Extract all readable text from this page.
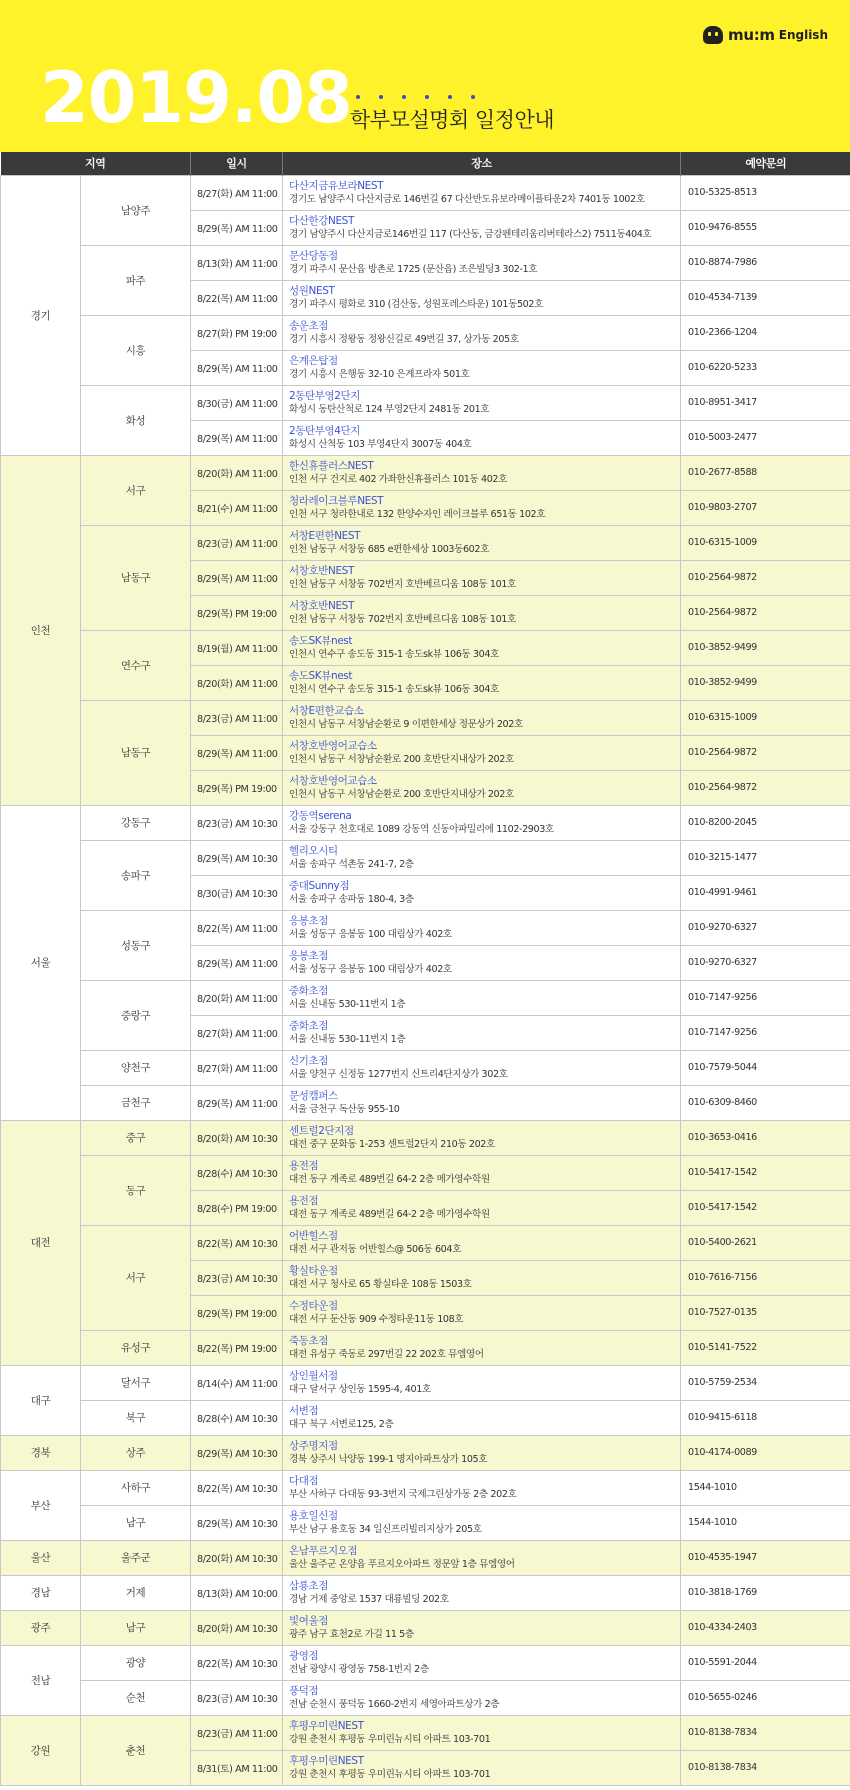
mu:m English
2019.08
학부모설명회 일정안내
지역		일시	장소	예약문의
경기	남양주	8/27(화) AM 11:00	다산지금유보라NEST
경기도 남양주시 다산지금로 146번길 67 다산반도유보라메이플타운2차 7401동 1002호	010-5325-8513
		8/29(목) AM 11:00	다산한강NEST
경기 남양주시 다산지금로146번길 117 (다산동, 금강펜테리움리버테라스2) 7511동404호	010-9476-8555
	파주	8/13(화) AM 11:00	문산당동점
경기 파주시 문산읍 방촌로 1725 (문산읍) 조은빌딩3 302-1호	010-8874-7986
		8/22(목) AM 11:00	성원NEST
경기 파주시 평화로 310 (검산동, 성원포레스타운) 101동502호	010-4534-7139
	시흥	8/27(화) PM 19:00	송운초점
경기 시흥시 정왕동 정왕신길로 49번길 37, 상가동 205호	010-2366-1204
		8/29(목) AM 11:00	은계은탑점
경기 시흥시 은행동 32-10 은계프라자 501호	010-6220-5233
	화성	8/30(금) AM 11:00	2동탄부영2단지
화성시 동탄산척로 124 부영2단지 2481동 201호	010-8951-3417
		8/29(목) AM 11:00	2동탄부영4단지
화성시 산척동 103 부영4단지 3007동 404호	010-5003-2477
인천	서구	8/20(화) AM 11:00	한신휴플러스NEST
인천 서구 건지로 402 가좌한신휴플러스 101동 402호	010-2677-8588
		8/21(수) AM 11:00	청라레이크블루NEST
인천 서구 청라한내로 132 한양수자인 레이크블루 651동 102호	010-9803-2707
	남동구	8/23(금) AM 11:00	서창E편한NEST
인천 남동구 서창동 685 e편한세상 1003동602호	010-6315-1009
		8/29(목) AM 11:00	서창호반NEST
인천 남동구 서창동 702번지 호반베르디움 108동 101호	010-2564-9872
		8/29(목) PM 19:00	서창호반NEST
인천 남동구 서창동 702번지 호반베르디움 108동 101호	010-2564-9872
	연수구	8/19(월) AM 11:00	송도SK뷰nest
인천시 연수구 송도동 315-1 송도sk뷰 106동 304호	010-3852-9499
		8/20(화) AM 11:00	송도SK뷰nest
인천시 연수구 송도동 315-1 송도sk뷰 106동 304호	010-3852-9499
	남동구	8/23(금) AM 11:00	서창E편한교습소
인천시 남동구 서창남순환로 9 이편한세상 정문상가 202호	010-6315-1009
		8/29(목) AM 11:00	서창호반영어교습소
인천시 남동구 서창남순환로 200 호반단지내상가 202호	010-2564-9872
		8/29(목) PM 19:00	서창호반영어교습소
인천시 남동구 서창남순환로 200 호반단지내상가 202호	010-2564-9872
서울	강동구	8/23(금) AM 10:30	강동역serena
서울 강동구 천호대로 1089 강동역 신동아파밀리에 1102-2903호	010-8200-2045
	송파구	8/29(목) AM 10:30	헬리오시티
서울 송파구 석촌동 241-7, 2층	010-3215-1477
		8/30(금) AM 10:30	중대Sunny점
서울 송파구 송파동 180-4, 3층	010-4991-9461
	성동구	8/22(목) AM 11:00	응봉초점
서울 성동구 응봉동 100 대림상가 402호	010-9270-6327
		8/29(목) AM 11:00	응봉초점
서울 성동구 응봉동 100 대림상가 402호	010-9270-6327
	중랑구	8/20(화) AM 11:00	중화초점
서울 신내동 530-11번지 1층	010-7147-9256
		8/27(화) AM 11:00	중화초점
서울 신내동 530-11번지 1층	010-7147-9256
	양천구	8/27(화) AM 11:00	신기초점
서울 양천구 신정동 1277번지 신트리4단지상가 302호	010-7579-5044
	금천구	8/29(목) AM 11:00	문성캠퍼스
서울 금천구 독산동 955-10	010-6309-8460
대전	중구	8/20(화) AM 10:30	센트럴2단지점
대전 중구 문화동 1-253 센트럴2단지 210동 202호	010-3653-0416
	동구	8/28(수) AM 10:30	용전점
대전 동구 계족로 489번길 64-2 2층 메가영수학원	010-5417-1542
		8/28(수) PM 19:00	용전점
대전 동구 계족로 489번길 64-2 2층 메가영수학원	010-5417-1542
	서구	8/22(목) AM 10:30	어반힐스점
대전 서구 관저동 어반힐스@ 506동 604호	010-5400-2621
		8/23(금) AM 10:30	황실타운점
대전 서구 청사로 65 황실타운 108동 1503호	010-7616-7156
		8/29(목) PM 19:00	수정타운점
대전 서구 둔산동 909 수정타운11동 108호	010-7527-0135
	유성구	8/22(목) PM 19:00	죽동초점
대전 유성구 죽동로 297번길 22 202호 뮤엠영어	010-5141-7522
대구	달서구	8/14(수) AM 11:00	상인월서점
대구 달서구 상인동 1595-4, 401호	010-5759-2534
	북구	8/28(수) AM 10:30	서변점
대구 북구 서변로125, 2층	010-9415-6118
경북	상주	8/29(목) AM 10:30	상주명지점
경북 상주시 낙양동 199-1 명지아파트상가 105호	010-4174-0089
부산	사하구	8/22(목) AM 10:30	다대점
부산 사하구 다대동 93-3번지 국제그린상가동 2층 202호	1544-1010
	남구	8/29(목) AM 10:30	용호일신점
부산 남구 용호동 34 일신프리빌리지상가 205호	1544-1010
울산	울주군	8/20(화) AM 10:30	온남푸르지오점
울산 울주군 온양읍 푸르지오아파트 정문앞 1층 뮤엠영어	010-4535-1947
경남	거제	8/13(화) AM 10:00	삼룡초점
경남 거제 중앙로 1537 대룡빌딩 202호	010-3818-1769
광주	남구	8/20(화) AM 10:30	빛여울점
광주 남구 효천2로 가길 11 5층	010-4334-2403
전남	광양	8/22(목) AM 10:30	광영점
전남 광양시 광영동 758-1번지 2층	010-5591-2044
	순천	8/23(금) AM 10:30	풍덕점
전남 순천시 풍덕동 1660-2번지 세영아파트상가 2층	010-5655-0246
강원	춘천	8/23(금) AM 11:00	후평우미린NEST
강원 춘천시 후평동 우미린뉴시티 아파트 103-701	010-8138-7834
		8/31(토) AM 11:00	후평우미린NEST
강원 춘천시 후평동 우미린뉴시티 아파트 103-701	010-8138-7834
